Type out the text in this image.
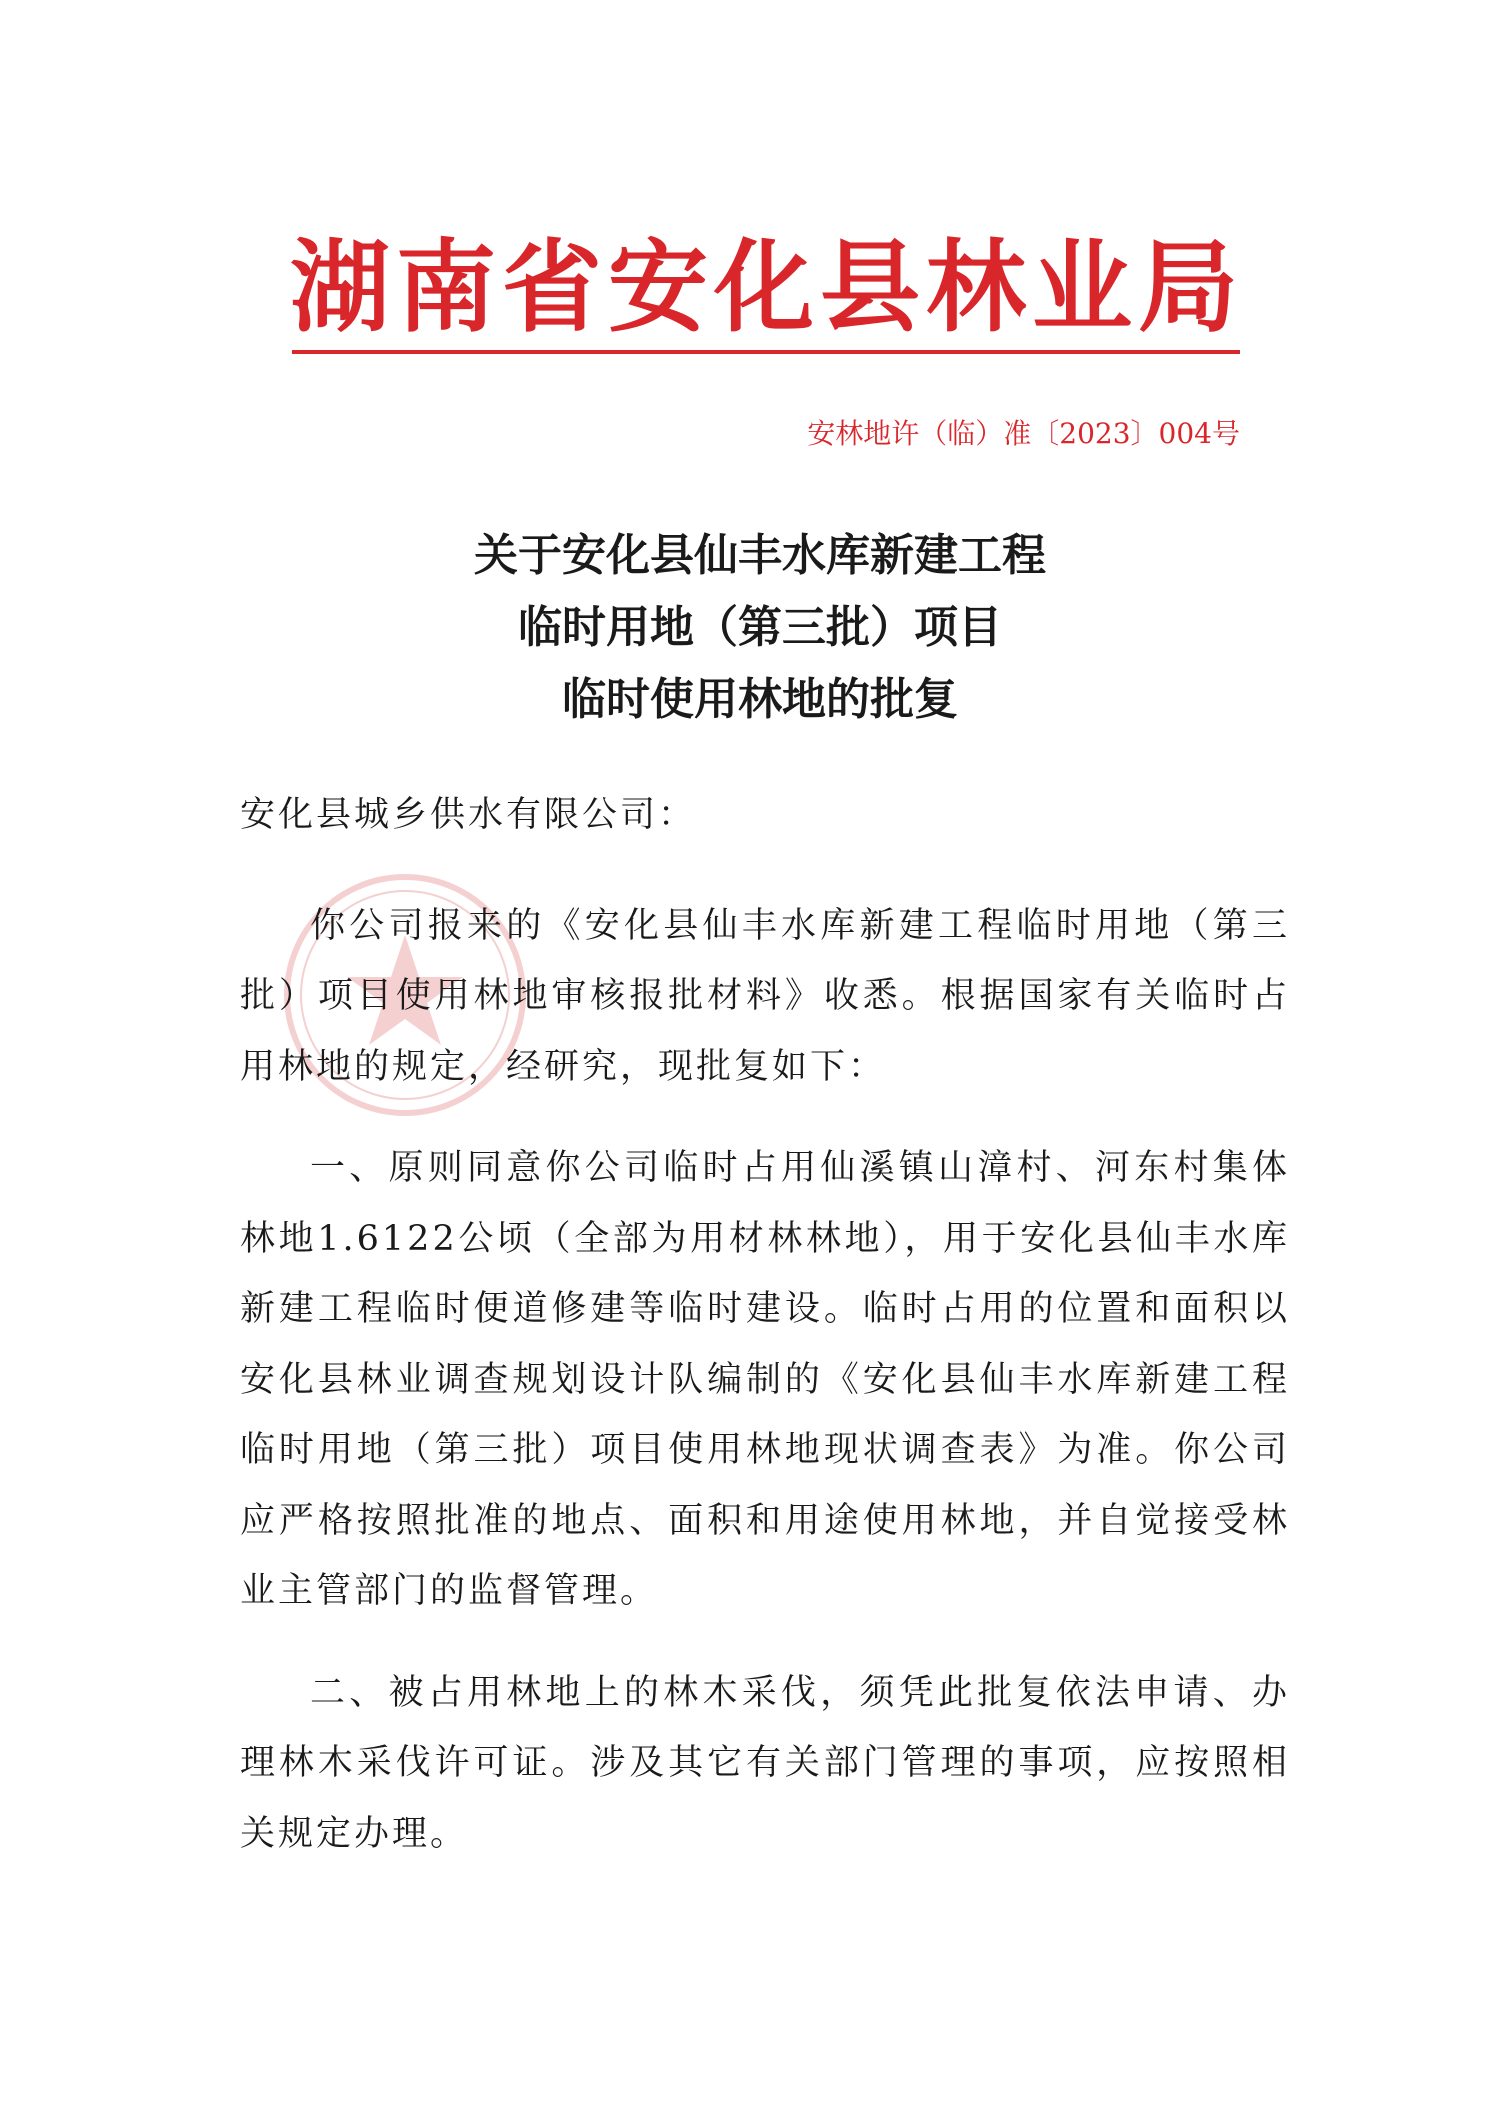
湖南省安化县林业局
安林地许（临）准〔2023〕004号
关于安化县仙丰水库新建工程
临时用地（第三批）项目
临时使用林地的批复
安化县城乡供水有限公司：
你公司报来的《安化县仙丰水库新建工程临时用地（第三批）项目使用林地审核报批材料》收悉。根据国家有关临时占用林地的规定，经研究，现批复如下：
一、原则同意你公司临时占用仙溪镇山漳村、河东村集体林地1.6122公顷（全部为用材林林地），用于安化县仙丰水库新建工程临时便道修建等临时建设。临时占用的位置和面积以安化县林业调查规划设计队编制的《安化县仙丰水库新建工程临时用地（第三批）项目使用林地现状调查表》为准。你公司应严格按照批准的地点、面积和用途使用林地，并自觉接受林业主管部门的监督管理。
二、被占用林地上的林木采伐，须凭此批复依法申请、办理林木采伐许可证。涉及其它有关部门管理的事项，应按照相关规定办理。
